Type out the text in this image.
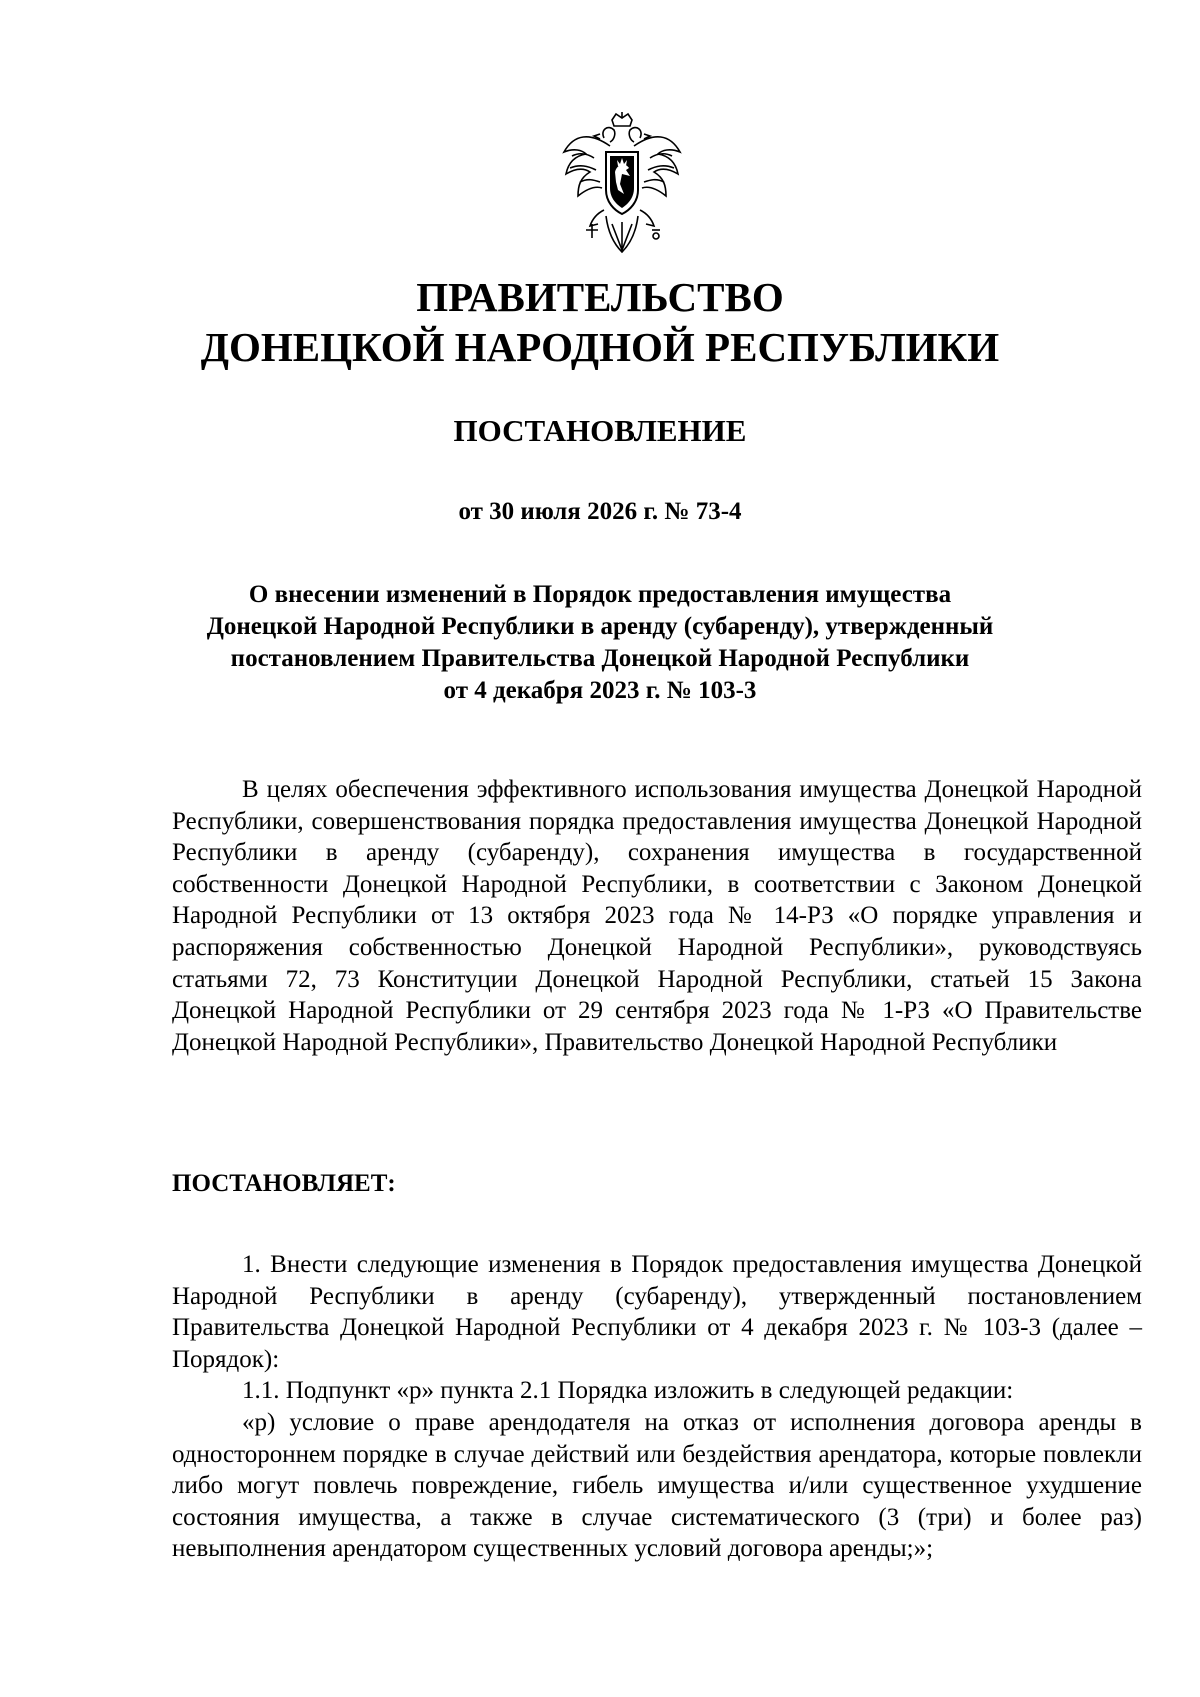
ПРАВИТЕЛЬСТВО
ДОНЕЦКОЙ НАРОДНОЙ РЕСПУБЛИКИ
ПОСТАНОВЛЕНИЕ
от 30 июля 2026 г. № 73-4
О внесении изменений в Порядок предоставления имущества
Донецкой Народной Республики в аренду (субаренду), утвержденный
постановлением Правительства Донецкой Народной Республики
от 4 декабря 2023 г. № 103-3

В целях обеспечения эффективного использования имущества Донецкой Народной Республики, совершенствования порядка предоставления имущества Донецкой Народной Республики в аренду (субаренду), сохранения имущества в государственной собственности Донецкой Народной Республики, в соответствии с Законом Донецкой Народной Республики от 13 октября 2023 года № 14-РЗ «О порядке управления и распоряжения собственностью Донецкой Народной Республики», руководствуясь статьями 72, 73 Конституции Донецкой Народной Республики, статьей 15 Закона Донецкой Народной Республики от 29 сентября 2023 года № 1-РЗ «О Правительстве Донецкой Народной Республики», Правительство Донецкой Народной Республики

ПОСТАНОВЛЯЕТ:

1. Внести следующие изменения в Порядок предоставления имущества Донецкой Народной Республики в аренду (субаренду), утвержденный постановлением Правительства Донецкой Народной Республики от 4 декабря 2023 г. № 103-3 (далее – Порядок):

1.1. Подпункт «р» пункта 2.1 Порядка изложить в следующей редакции:

«р) условие о праве арендодателя на отказ от исполнения договора аренды в одностороннем порядке в случае действий или бездействия арендатора, которые повлекли либо могут повлечь повреждение, гибель имущества и/или существенное ухудшение состояния имущества, а также в случае систематического (3 (три) и более раз) невыполнения арендатором существенных условий договора аренды;»;
